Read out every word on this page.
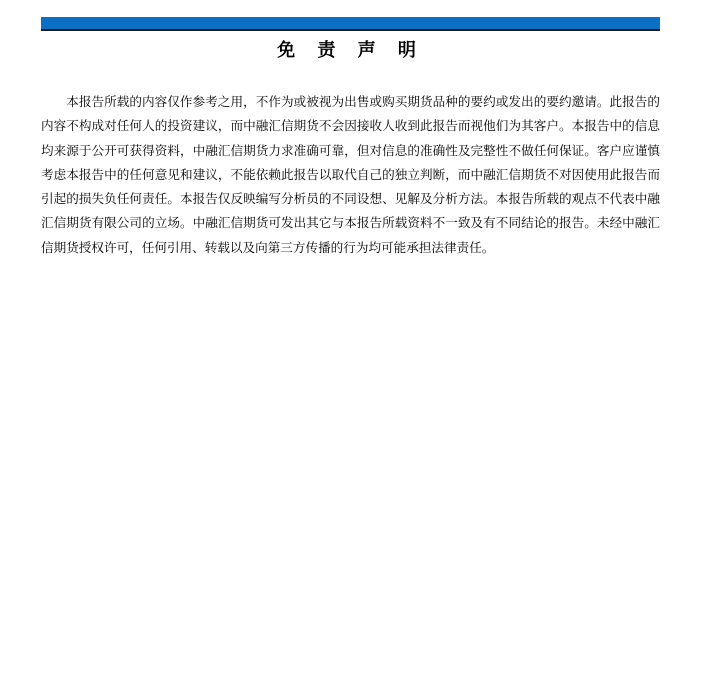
免 责 声 明

本报告所载的内容仅作参考之用，不作为或被视为出售或购买期货品种的要约或发出的要约邀请。此报告的内容不构成对任何人的投资建议，而中融汇信期货不会因接收人收到此报告而视他们为其客户。本报告中的信息均来源于公开可获得资料，中融汇信期货力求准确可靠，但对信息的准确性及完整性不做任何保证。客户应谨慎考虑本报告中的任何意见和建议，不能依赖此报告以取代自己的独立判断，而中融汇信期货不对因使用此报告而引起的损失负任何责任。本报告仅反映编写分析员的不同设想、见解及分析方法。本报告所载的观点不代表中融汇信期货有限公司的立场。中融汇信期货可发出其它与本报告所载资料不一致及有不同结论的报告。未经中融汇信期货授权许可，任何引用、转载以及向第三方传播的行为均可能承担法律责任。
